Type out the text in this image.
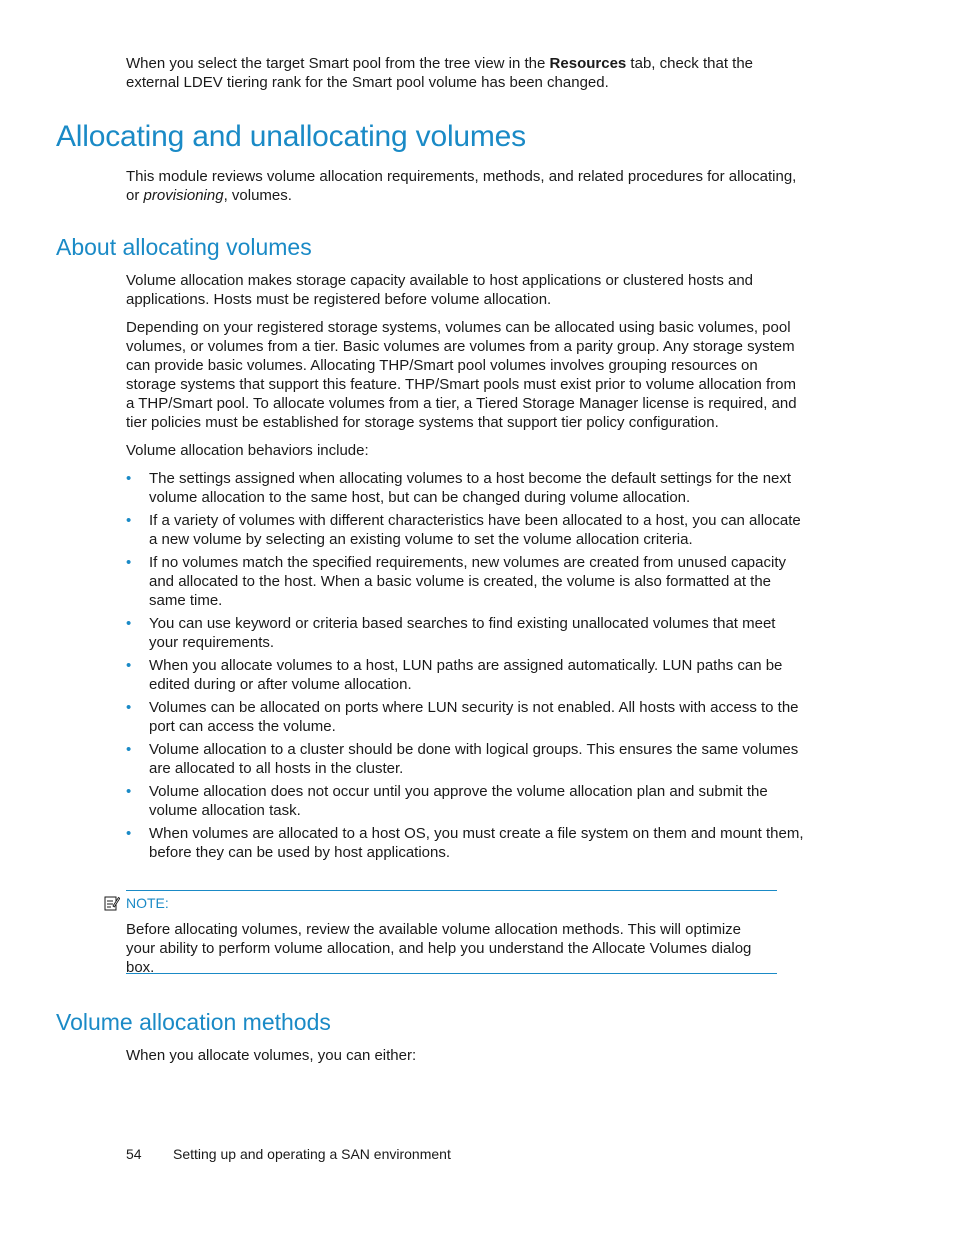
When you select the target Smart pool from the tree view in the Resources tab, check that the external LDEV tiering rank for the Smart pool volume has been changed.

Allocating and unallocating volumes

This module reviews volume allocation requirements, methods, and related procedures for allocating, or provisioning, volumes.

About allocating volumes

Volume allocation makes storage capacity available to host applications or clustered hosts and applications. Hosts must be registered before volume allocation.

Depending on your registered storage systems, volumes can be allocated using basic volumes, pool volumes, or volumes from a tier. Basic volumes are volumes from a parity group. Any storage system can provide basic volumes. Allocating THP/Smart pool volumes involves grouping resources on storage systems that support this feature. THP/Smart pools must exist prior to volume allocation from a THP/Smart pool. To allocate volumes from a tier, a Tiered Storage Manager license is required, and tier policies must be established for storage systems that support tier policy configuration.

Volume allocation behaviors include:

• The settings assigned when allocating volumes to a host become the default settings for the next volume allocation to the same host, but can be changed during volume allocation.
• If a variety of volumes with different characteristics have been allocated to a host, you can allocate a new volume by selecting an existing volume to set the volume allocation criteria.
• If no volumes match the specified requirements, new volumes are created from unused capacity and allocated to the host. When a basic volume is created, the volume is also formatted at the same time.
• You can use keyword or criteria based searches to find existing unallocated volumes that meet your requirements.
• When you allocate volumes to a host, LUN paths are assigned automatically. LUN paths can be edited during or after volume allocation.
• Volumes can be allocated on ports where LUN security is not enabled. All hosts with access to the port can access the volume.
• Volume allocation to a cluster should be done with logical groups. This ensures the same volumes are allocated to all hosts in the cluster.
• Volume allocation does not occur until you approve the volume allocation plan and submit the volume allocation task.
• When volumes are allocated to a host OS, you must create a file system on them and mount them, before they can be used by host applications.
NOTE:

Before allocating volumes, review the available volume allocation methods. This will optimize your ability to perform volume allocation, and help you understand the Allocate Volumes dialog box.

Volume allocation methods

When you allocate volumes, you can either:

54	Setting up and operating a SAN environment
